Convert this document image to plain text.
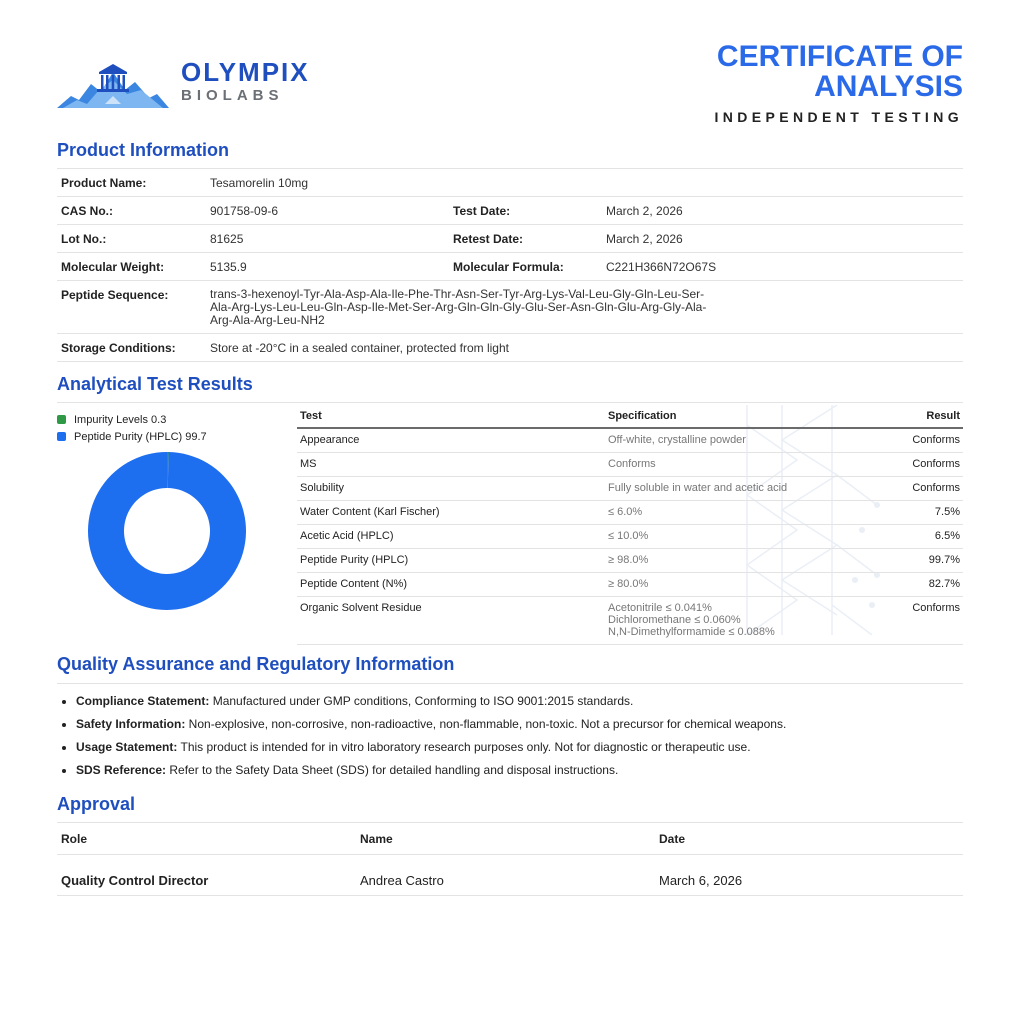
OLYMPIX
BIOLABS
CERTIFICATE OF
ANALYSIS
INDEPENDENT TESTING
Product Information
Product Name:	Tesamorelin 10mg		
CAS No.:	901758-09-6	Test Date:	March 2, 2026
Lot No.:	81625	Retest Date:	March 2, 2026
Molecular Weight:	5135.9	Molecular Formula:	C221H366N72O67S
Peptide Sequence:	trans-3-hexenoyl-Tyr-Ala-Asp-Ala-Ile-Phe-Thr-Asn-Ser-Tyr-Arg-Lys-Val-Leu-Gly-Gln-Leu-Ser-
Ala-Arg-Lys-Leu-Leu-Gln-Asp-Ile-Met-Ser-Arg-Gln-Gln-Gly-Glu-Ser-Asn-Gln-Glu-Arg-Gly-Ala-
Arg-Ala-Arg-Leu-NH2		

Storage Conditions:	Store at -20°C in a sealed container, protected from light		
Analytical Test Results
Impurity Levels 0.3
Peptide Purity (HPLC) 99.7
Test	Specification	Result
Appearance	Off-white, crystalline powder	Conforms
MS	Conforms	Conforms
Solubility	Fully soluble in water and acetic acid	Conforms
Water Content (Karl Fischer)	≤ 6.0%	7.5%
Acetic Acid (HPLC)	≤ 10.0%	6.5%
Peptide Purity (HPLC)	≥ 98.0%	99.7%
Peptide Content (N%)	≥ 80.0%	82.7%
Organic Solvent Residue	Acetonitrile ≤ 0.041%
Dichloromethane ≤ 0.060%
N,N-Dimethylformamide ≤ 0.088%	Conforms
Quality Assurance and Regulatory Information
• Compliance Statement: Manufactured under GMP conditions, Conforming to ISO 9001:2015 standards.
• Safety Information: Non-explosive, non-corrosive, non-radioactive, non-flammable, non-toxic. Not a precursor for chemical weapons.
• Usage Statement: This product is intended for in vitro laboratory research purposes only. Not for diagnostic or therapeutic use.
• SDS Reference: Refer to the Safety Data Sheet (SDS) for detailed handling and disposal instructions.
Approval
Role	Name	Date
Quality Control Director	Andrea Castro	March 6, 2026
